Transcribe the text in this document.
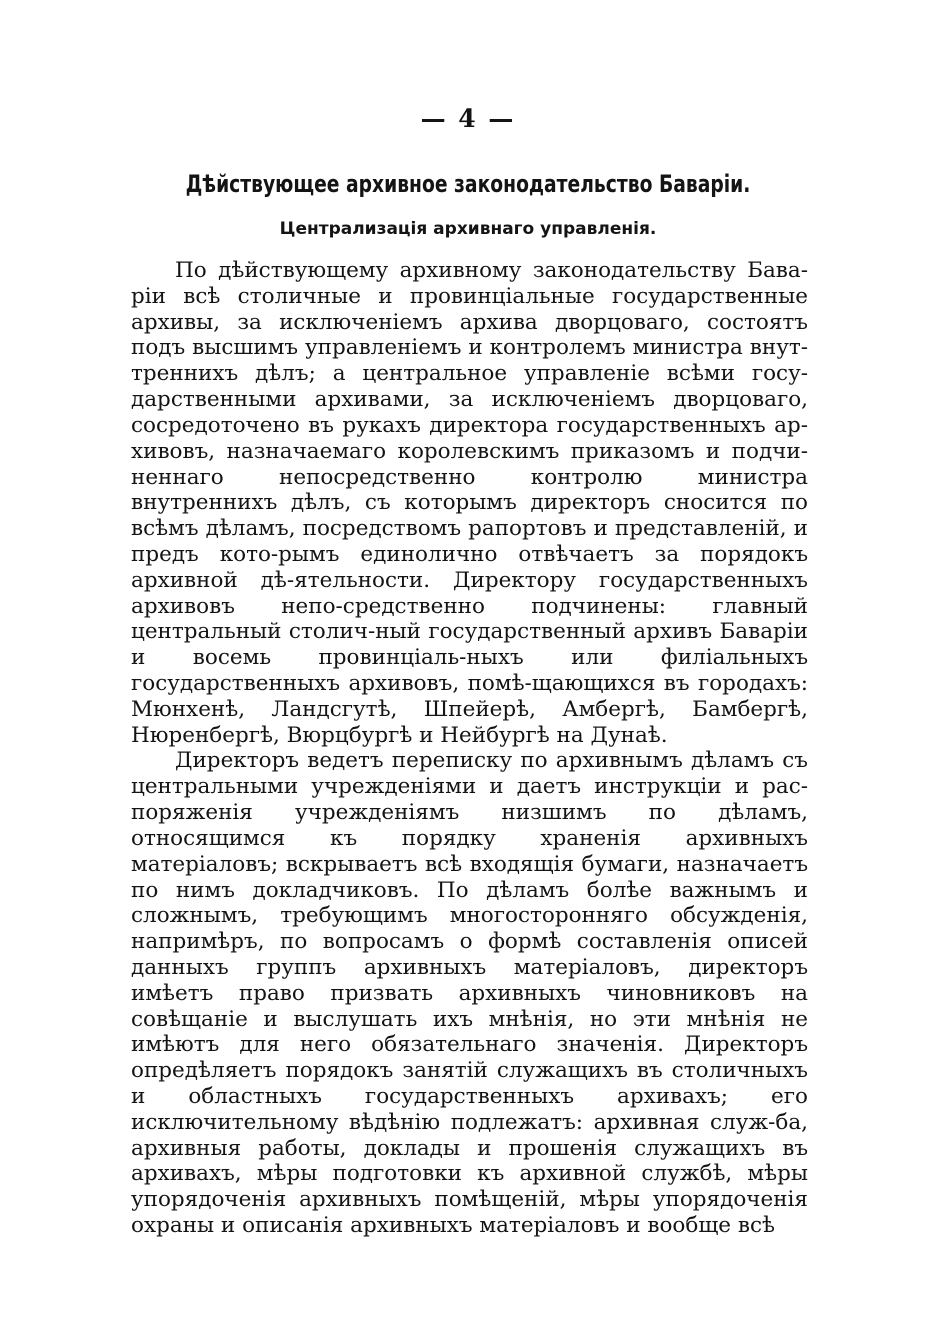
— 4 —
Дѣйствующее архивное законодательство Баварiи.
Централизацiя архивнаго управленiя.

По дѣйствующему архивному законодательству Бава-рiи всѣ столичные и провинцiальные государственные архивы, за исключенiемъ архива дворцоваго, состоятъ подъ высшимъ управленiемъ и контролемъ министра внут-треннихъ дѣлъ; а центральное управленiе всѣми госу-дарственными архивами, за исключенiемъ дворцоваго, сосредоточено въ рукахъ директора государственныхъ ар-хивовъ, назначаемаго королевскимъ приказомъ и подчи-неннаго непосредственно контролю министра внутреннихъ дѣлъ, съ которымъ директоръ сносится по всѣмъ дѣламъ, посредствомъ рапортовъ и представленiй, и предъ кото-рымъ единолично отвѣчаетъ за порядокъ архивной дѣ-ятельности. Директору государственныхъ архивовъ непо-средственно подчинены: главный центральный столич-ный государственный архивъ Баварiи и восемь провинцiаль-ныхъ или филiальныхъ государственныхъ архивовъ, помѣ-щающихся въ городахъ: Мюнхенѣ, Ландсгутѣ, Шпейерѣ, Амбергѣ, Бамбергѣ, Нюренбергѣ, Вюрцбургѣ и Нейбургѣ на Дунаѣ.

Директоръ ведетъ переписку по архивнымъ дѣламъ съ центральными учрежденiями и даетъ инструкцiи и рас-поряженiя учрежденiямъ низшимъ по дѣламъ, относящимся къ порядку храненiя архивныхъ матерiаловъ; вскрываетъ всѣ входящiя бумаги, назначаетъ по нимъ докладчиковъ. По дѣламъ болѣе важнымъ и сложнымъ, требующимъ многосторонняго обсужденiя, напримѣръ, по вопросамъ о формѣ составленiя описей данныхъ группъ архивныхъ матерiаловъ, директоръ имѣетъ право призвать архивныхъ чиновниковъ на совѣщанiе и выслушать ихъ мнѣнiя, но эти мнѣнiя не имѣютъ для него обязательнаго значенiя. Директоръ опредѣляетъ порядокъ занятiй служащихъ въ столичныхъ и областныхъ государственныхъ архивахъ; его исключительному вѣдѣнiю подлежатъ: архивная служ-ба, архивныя работы, доклады и прошенiя служащихъ въ архивахъ, мѣры подготовки къ архивной службѣ, мѣры упорядоченiя архивныхъ помѣщенiй, мѣры упорядоченiя охраны и описанiя архивныхъ матерiаловъ и вообще всѣ
